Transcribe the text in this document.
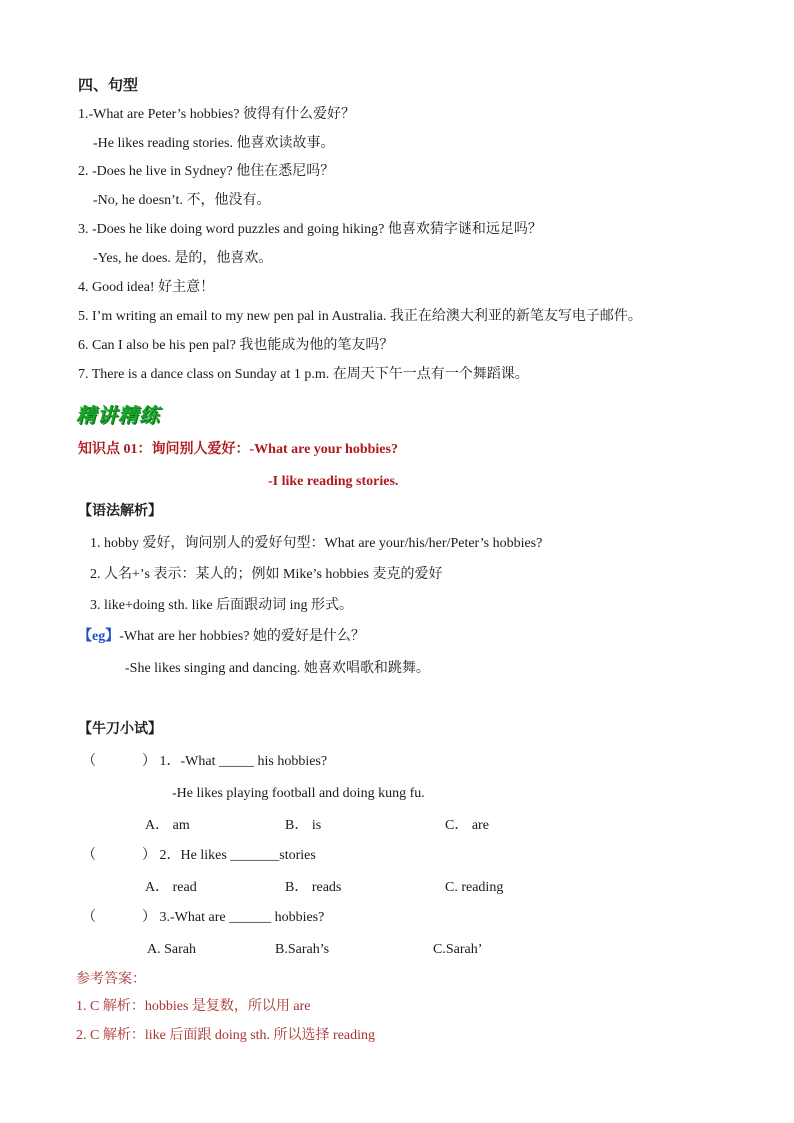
四、句型
1.-What are Peter’s hobbies? 彼得有什么爱好？
-He likes reading stories. 他喜欢读故事。
2. -Does he live in Sydney? 他住在悉尼吗？
-No, he doesn’t. 不，他没有。
3. -Does he like doing word puzzles and going hiking? 他喜欢猜字谜和远足吗？
-Yes, he does. 是的，他喜欢。
4. Good idea! 好主意！
5. I’m writing an email to my new pen pal in Australia. 我正在给澳大利亚的新笔友写电子邮件。
6. Can I also be his pen pal? 我也能成为他的笔友吗？
7. There is a dance class on Sunday at 1 p.m. 在周天下午一点有一个舞蹈课。
精讲精练
知识点 01：询问别人爱好：-What are your hobbies?
-I like reading stories.
【语法解析】
1. hobby 爱好，询问别人的爱好句型：What are your/his/her/Peter’s hobbies?
2. 人名+’s 表示：某人的；例如 Mike’s hobbies 麦克的爱好
3. like+doing sth. like 后面跟动词 ing 形式。
【eg】-What are her hobbies? 她的爱好是什么？
-She likes singing and dancing. 她喜欢唱歌和跳舞。
【牛刀小试】
（	） 1．-What _____ his hobbies?
-He likes playing football and doing kung fu.
A． am	B． is	C． are
（	） 2．He likes _______stories
A． read	B． reads	C. reading
（	） 3.-What are ______ hobbies?
A. Sarah	B.Sarah’s	C.Sarah’
参考答案：
1. C 解析：hobbies 是复数，所以用 are
2. C 解析：like 后面跟 doing sth. 所以选择 reading
